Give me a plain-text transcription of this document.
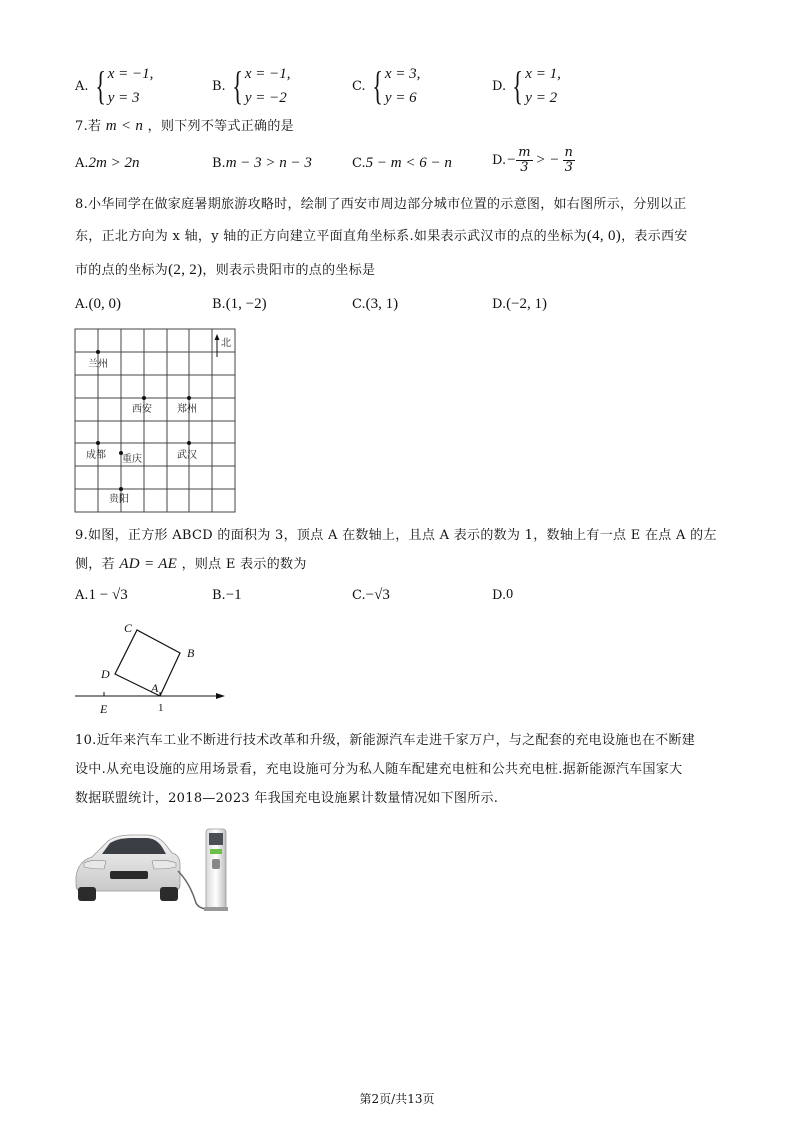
A. { x = −1,
y = 3
B. { x = −1,
y = −2
C. { x = 3,
y = 6
D. { x = 1,
y = 2
7.若 m < n ，则下列不等式正确的是
A. 2m > 2n	B. m − 3 > n − 3	C. 5 − m < 6 − n	D. − $\frac{m}{3}$ > − $\frac{n}{3}$
8.小华同学在做家庭暑期旅游攻略时，绘制了西安市周边部分城市位置的示意图，如右图所示，分别以正
东，正北方向为 x 轴，y 轴的正方向建立平面直角坐标系.如果表示武汉市的点的坐标为(4, 0)，表示西安
市的点的坐标为(2, 2)，则表示贵阳市的点的坐标是
A. (0, 0)	B. (1, −2)	C. (3, 1)	D. (−2, 1)
北
兰州
西安	郑州
成都 重庆	武汉
贵阳
9.如图，正方形 ABCD 的面积为 3，顶点 A 在数轴上，且点 A 表示的数为 1，数轴上有一点 E 在点 A 的左
侧，若 AD = AE ，则点 E 表示的数为
A. 1 − √3	B. −1	C. −√3	D. 0
C
B
D
A
E	1
10.近年来汽车工业不断进行技术改革和升级，新能源汽车走进千家万户，与之配套的充电设施也在不断建
设中.从充电设施的应用场景看，充电设施可分为私人随车配建充电桩和公共充电桩.据新能源汽车国家大
数据联盟统计，2018—2023 年我国充电设施累计数量情况如下图所示.
第2页/共13页
